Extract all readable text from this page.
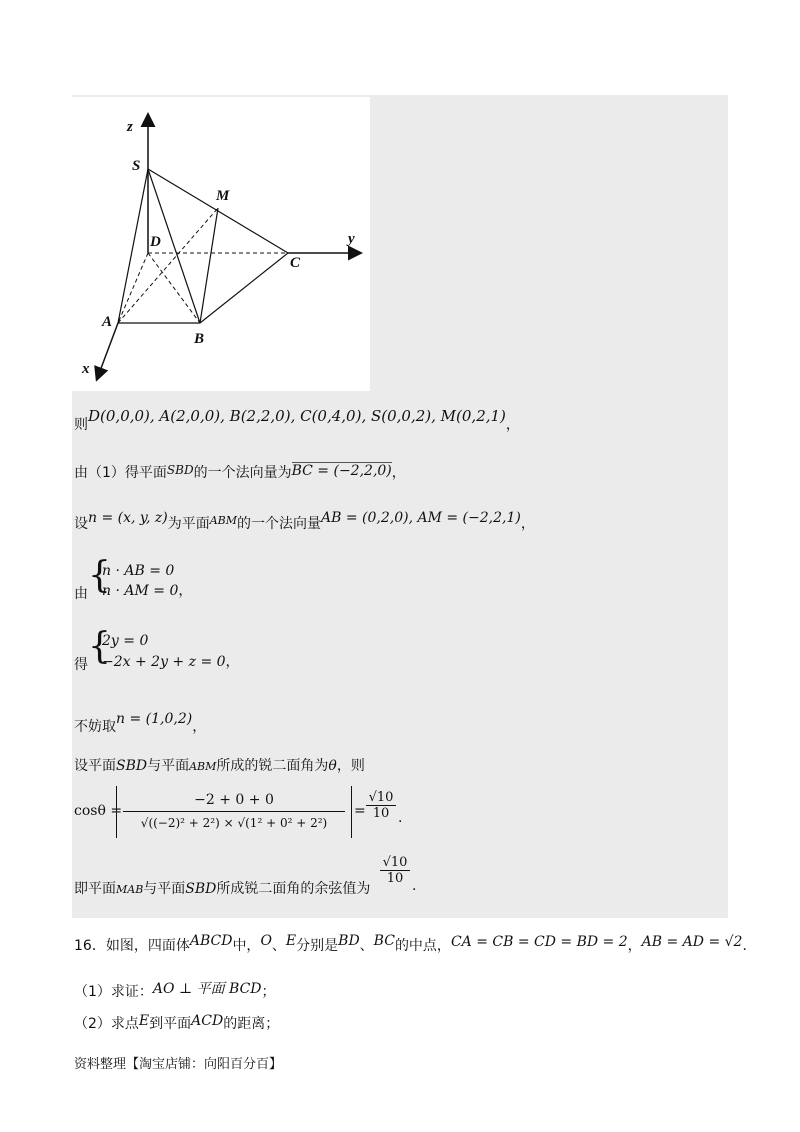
z
y
x
S
M
D
C
A
B
则D(0,0,0), A(2,0,0), B(2,2,0), C(0,4,0), S(0,0,2), M(0,2,1)，
由（1）得平面SBD的一个法向量为BC = (−2,2,0)，
设n = (x, y, z)为平面$^{ABM}$的一个法向量AB = (0,2,0), AM = (−2,2,1)，
由 {
n · AB = 0
n · AM = 0，
得 {
2y = 0
−2x + 2y + z = 0，
不妨取n = (1,0,2)，
设平面SBD与平面ABM所成的锐二面角为θ，则
cosθ =
−2 + 0 + 0
√((−2)² + 2²) × √(1² + 0² + 2²)
=
√10
10 .
即平面MAB与平面SBD所成锐二面角的余弦值为
√10
10 .
16．如图，四面体ABCD中，O、E分别是BD、BC的中点，CA = CB = CD = BD = 2，AB = AD = √2.
（1）求证：AO ⊥ 平面 BCD；
（2）求点E到平面ACD的距离；
资料整理【淘宝店铺：向阳百分百】
